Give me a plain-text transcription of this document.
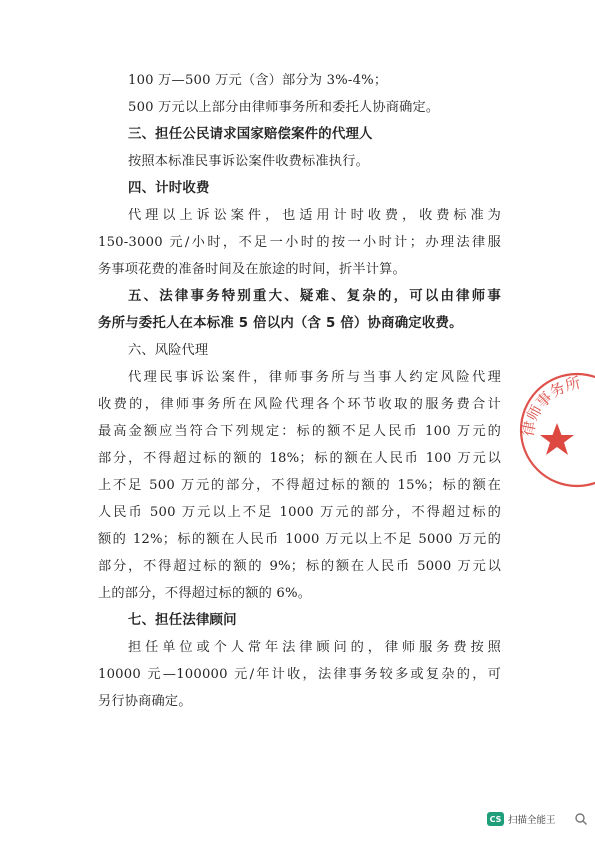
100 万—500 万元（含）部分为 3%-4%；
500 万元以上部分由律师事务所和委托人协商确定。
三、担任公民请求国家赔偿案件的代理人
按照本标准民事诉讼案件收费标准执行。
四、计时收费
代理以上诉讼案件，也适用计时收费，收费标准为
150-3000 元/小时，不足一小时的按一小时计；办理法律服
务事项花费的准备时间及在旅途的时间，折半计算。
五、法律事务特别重大、疑难、复杂的，可以由律师事
务所与委托人在本标准 5 倍以内（含 5 倍）协商确定收费。
六、风险代理
代理民事诉讼案件，律师事务所与当事人约定风险代理
收费的，律师事务所在风险代理各个环节收取的服务费合计
最高金额应当符合下列规定：标的额不足人民币 100 万元的
部分，不得超过标的额的 18%；标的额在人民币 100 万元以
上不足 500 万元的部分，不得超过标的额的 15%；标的额在
人民币 500 万元以上不足 1000 万元的部分，不得超过标的
额的 12%；标的额在人民币 1000 万元以上不足 5000 万元的
部分，不得超过标的额的 9%；标的额在人民币 5000 万元以
上的部分，不得超过标的额的 6%。
七、担任法律顾问
担任单位或个人常年法律顾问的，律师服务费按照
10000 元—100000 元/年计收，法律事务较多或复杂的，可
另行协商确定。
律师事务所
CS 扫描全能王
